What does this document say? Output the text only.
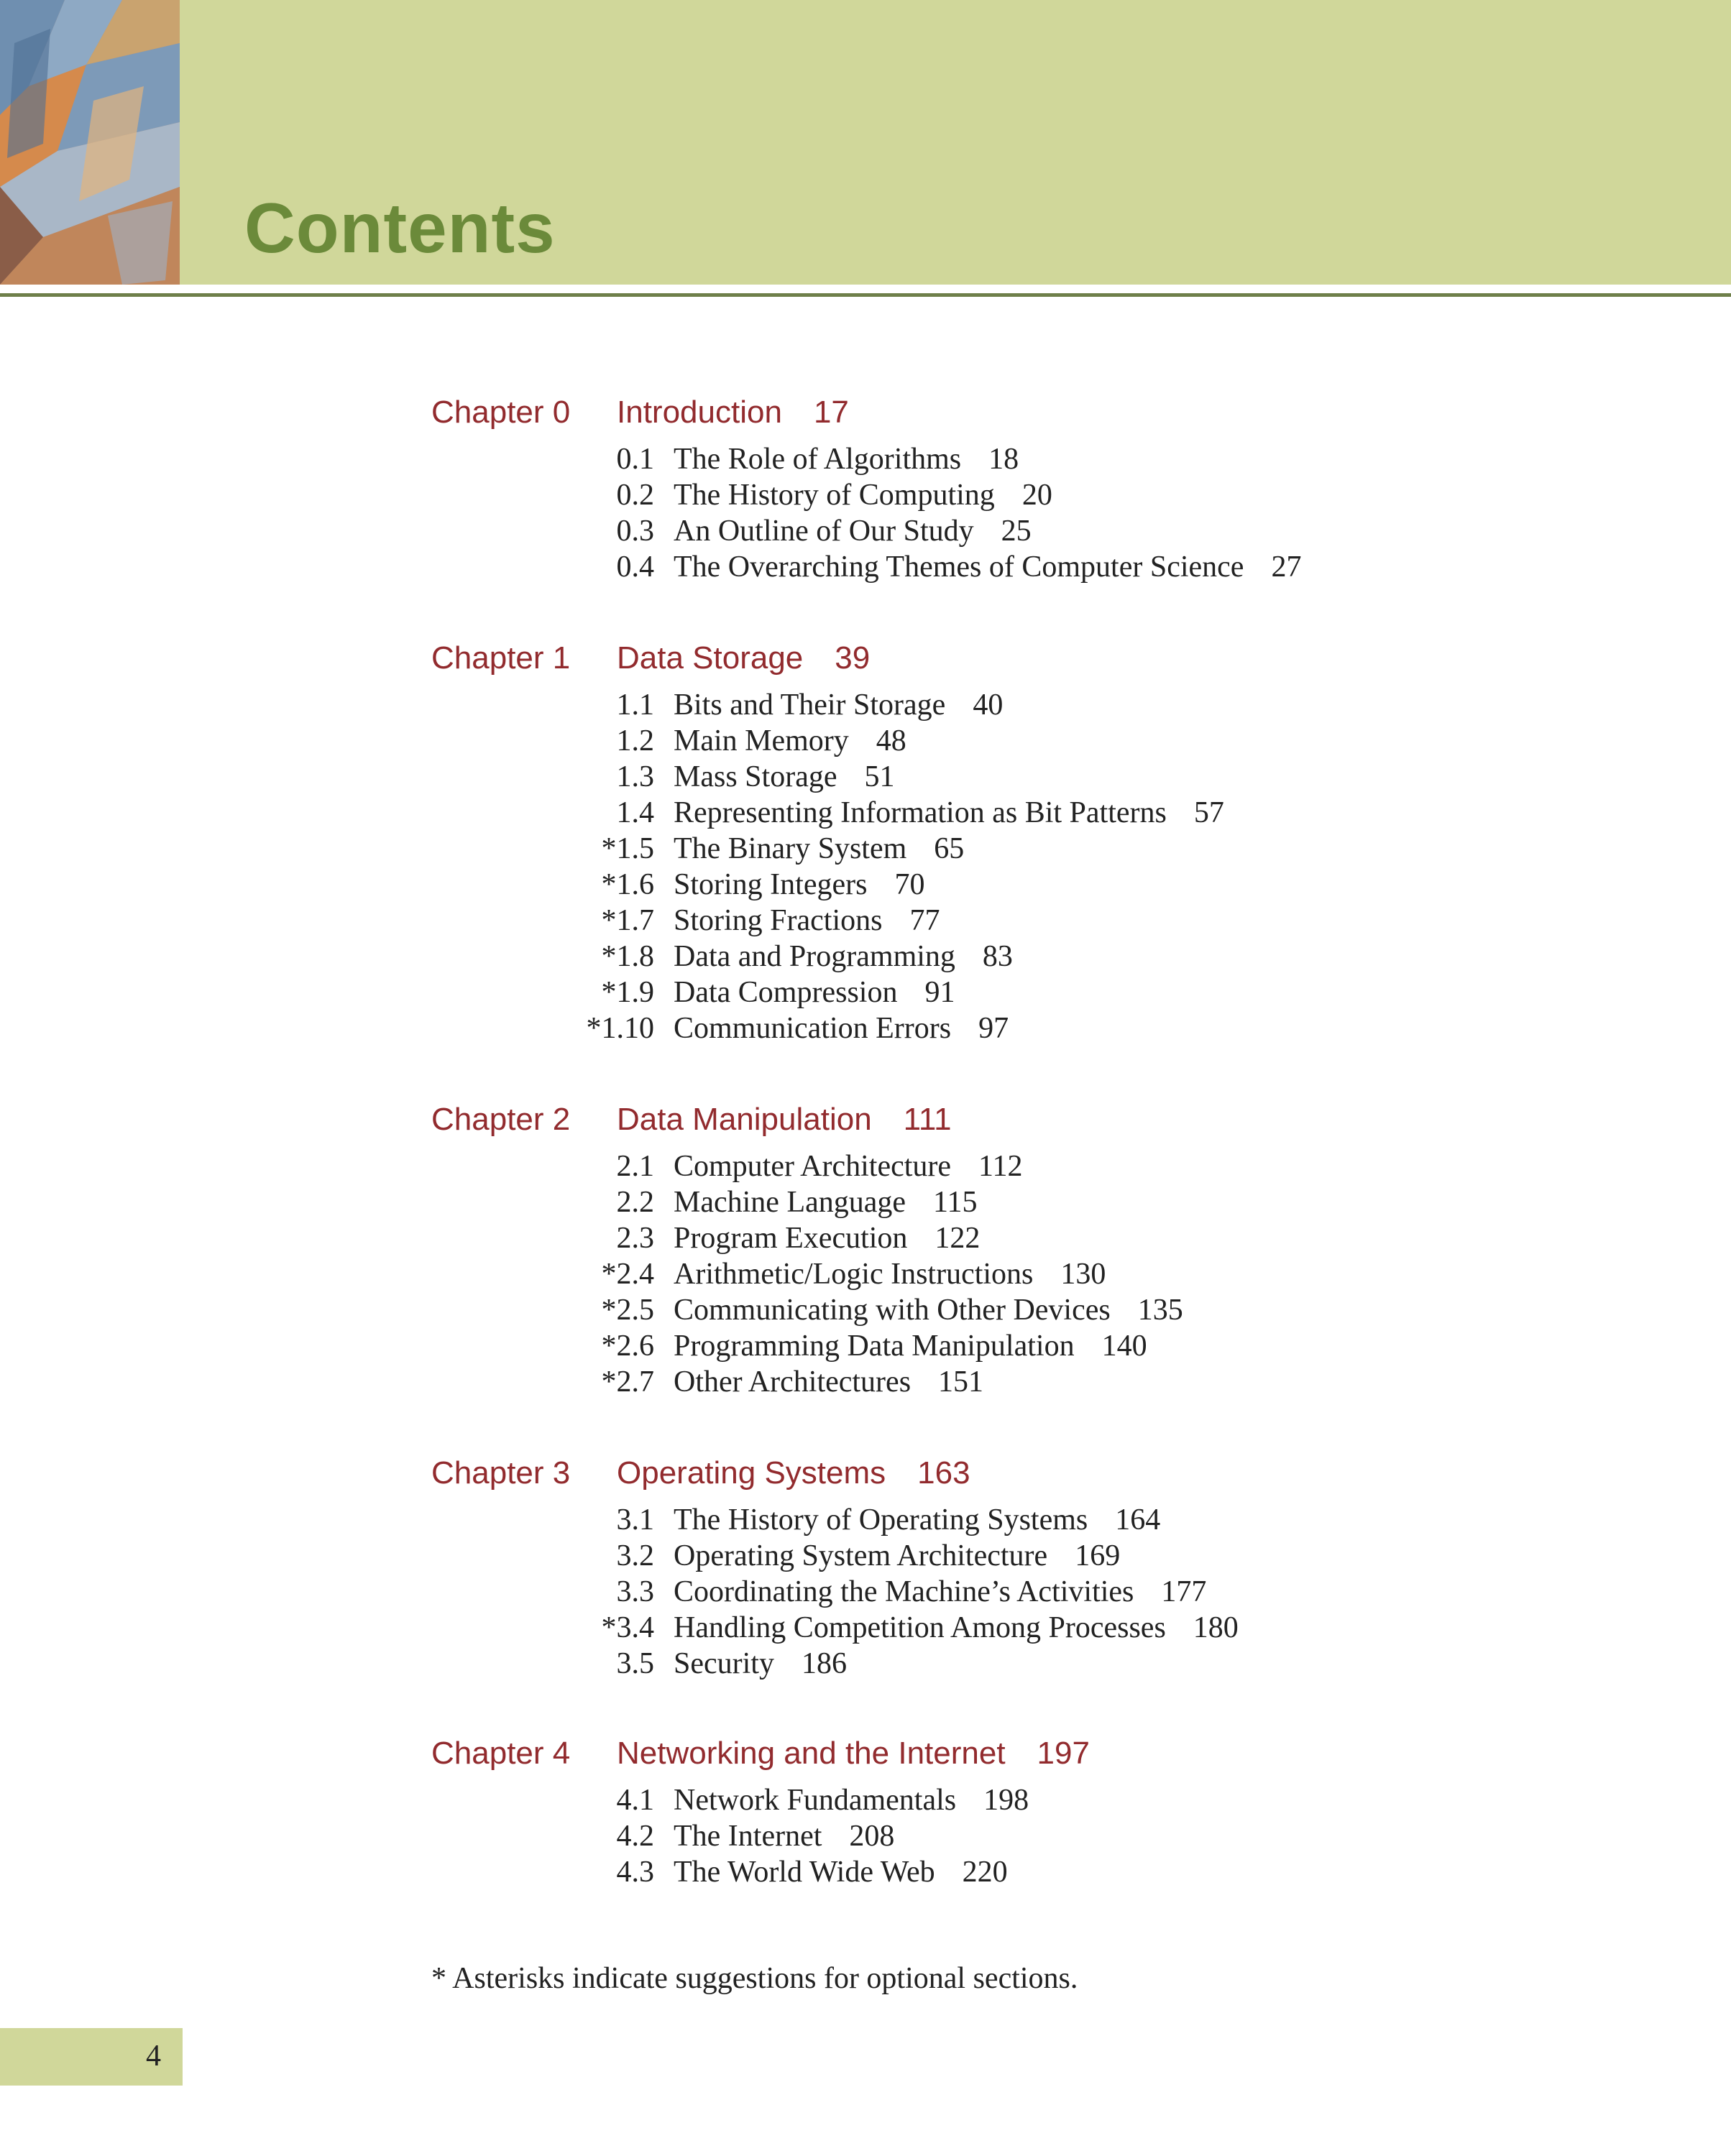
Contents
Chapter 0 Introduction 17
0.1 The Role of Algorithms 18
0.2 The History of Computing 20
0.3 An Outline of Our Study 25
0.4 The Overarching Themes of Computer Science 27
Chapter 1 Data Storage 39
1.1 Bits and Their Storage 40
1.2 Main Memory 48
1.3 Mass Storage 51
1.4 Representing Information as Bit Patterns 57
*1.5 The Binary System 65
*1.6 Storing Integers 70
*1.7 Storing Fractions 77
*1.8 Data and Programming 83
*1.9 Data Compression 91
*1.10 Communication Errors 97
Chapter 2 Data Manipulation 111
2.1 Computer Architecture 112
2.2 Machine Language 115
2.3 Program Execution 122
*2.4 Arithmetic/Logic Instructions 130
*2.5 Communicating with Other Devices 135
*2.6 Programming Data Manipulation 140
*2.7 Other Architectures 151
Chapter 3 Operating Systems 163
3.1 The History of Operating Systems 164
3.2 Operating System Architecture 169
3.3 Coordinating the Machine’s Activities 177
*3.4 Handling Competition Among Processes 180
3.5 Security 186
Chapter 4 Networking and the Internet 197
4.1 Network Fundamentals 198
4.2 The Internet 208
4.3 The World Wide Web 220
* Asterisks indicate suggestions for optional sections.
4
